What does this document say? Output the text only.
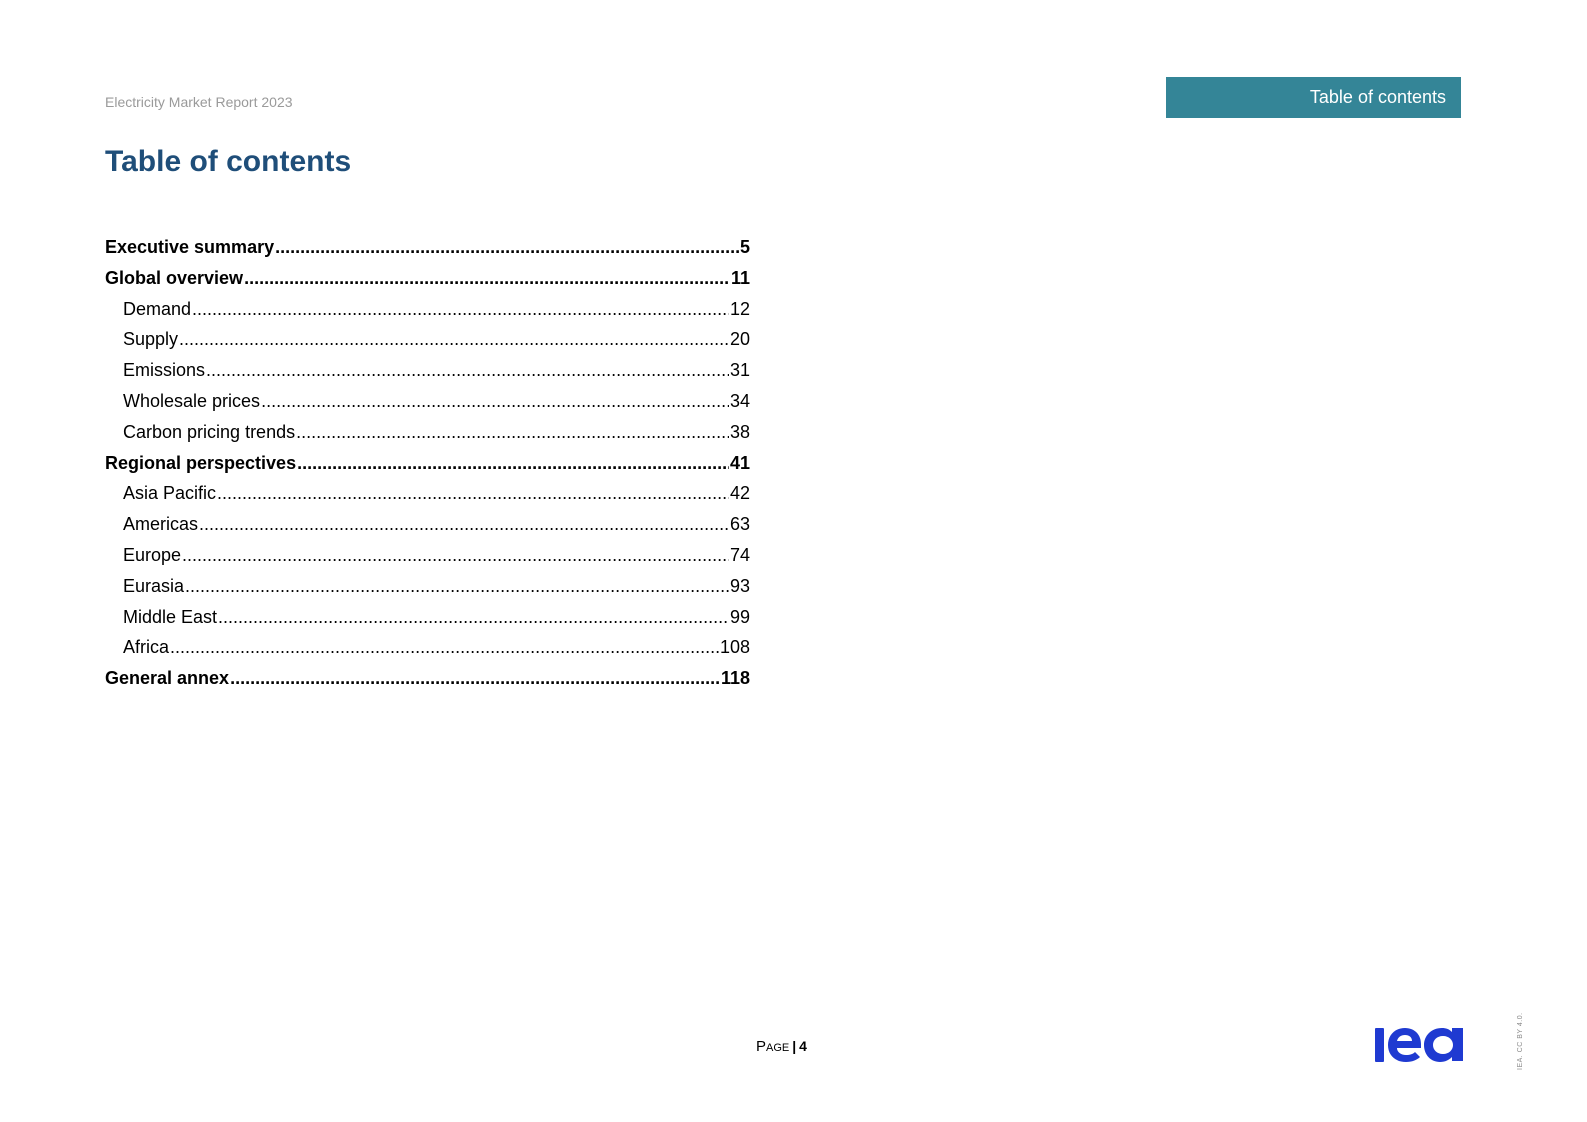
Electricity Market Report 2023	Table of contents
Table of contents
Executive summary .....	5
Global overview .....	11
Demand .....	12
Supply .....	20
Emissions .....	31
Wholesale prices .....	34
Carbon pricing trends .....	38
Regional perspectives .....	41
Asia Pacific .....	42
Americas .....	63
Europe .....	74
Eurasia .....	93
Middle East .....	99
Africa .....	108
General annex .....	118
Page | 4	IEA. CC BY 4.0.
